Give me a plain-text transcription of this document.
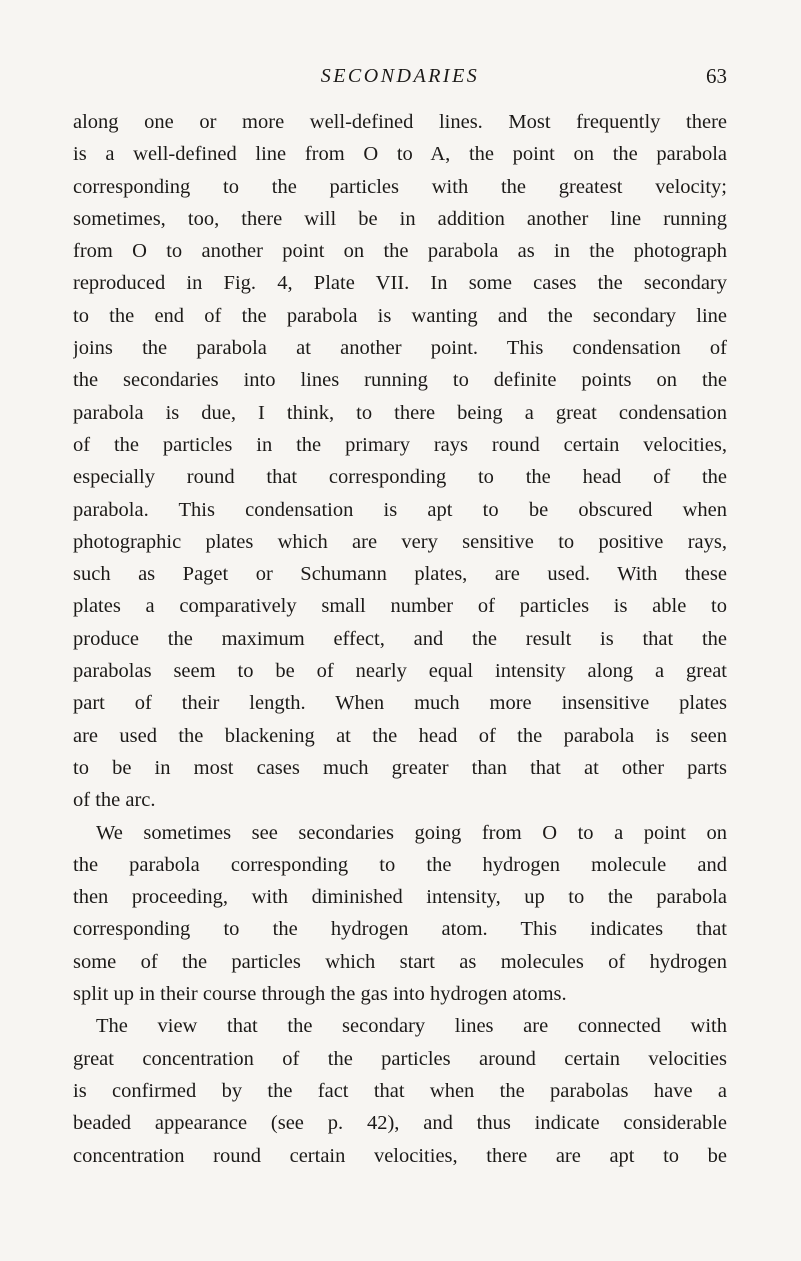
SECONDARIES	63
along one or more well-defined lines. Most frequently there
is a well-defined line from O to A, the point on the parabola
corresponding to the particles with the greatest velocity;
sometimes, too, there will be in addition another line running
from O to another point on the parabola as in the photograph
reproduced in Fig. 4, Plate VII. In some cases the secondary
to the end of the parabola is wanting and the secondary line
joins the parabola at another point. This condensation of
the secondaries into lines running to definite points on the
parabola is due, I think, to there being a great condensation
of the particles in the primary rays round certain velocities,
especially round that corresponding to the head of the
parabola. This condensation is apt to be obscured when
photographic plates which are very sensitive to positive rays,
such as Paget or Schumann plates, are used. With these
plates a comparatively small number of particles is able to
produce the maximum effect, and the result is that the
parabolas seem to be of nearly equal intensity along a great
part of their length. When much more insensitive plates
are used the blackening at the head of the parabola is seen
to be in most cases much greater than that at other parts
of the arc.
We sometimes see secondaries going from O to a point on
the parabola corresponding to the hydrogen molecule and
then proceeding, with diminished intensity, up to the parabola
corresponding to the hydrogen atom. This indicates that
some of the particles which start as molecules of hydrogen
split up in their course through the gas into hydrogen atoms.
The view that the secondary lines are connected with
great concentration of the particles around certain velocities
is confirmed by the fact that when the parabolas have a
beaded appearance (see p. 42), and thus indicate considerable
concentration round certain velocities, there are apt to be
